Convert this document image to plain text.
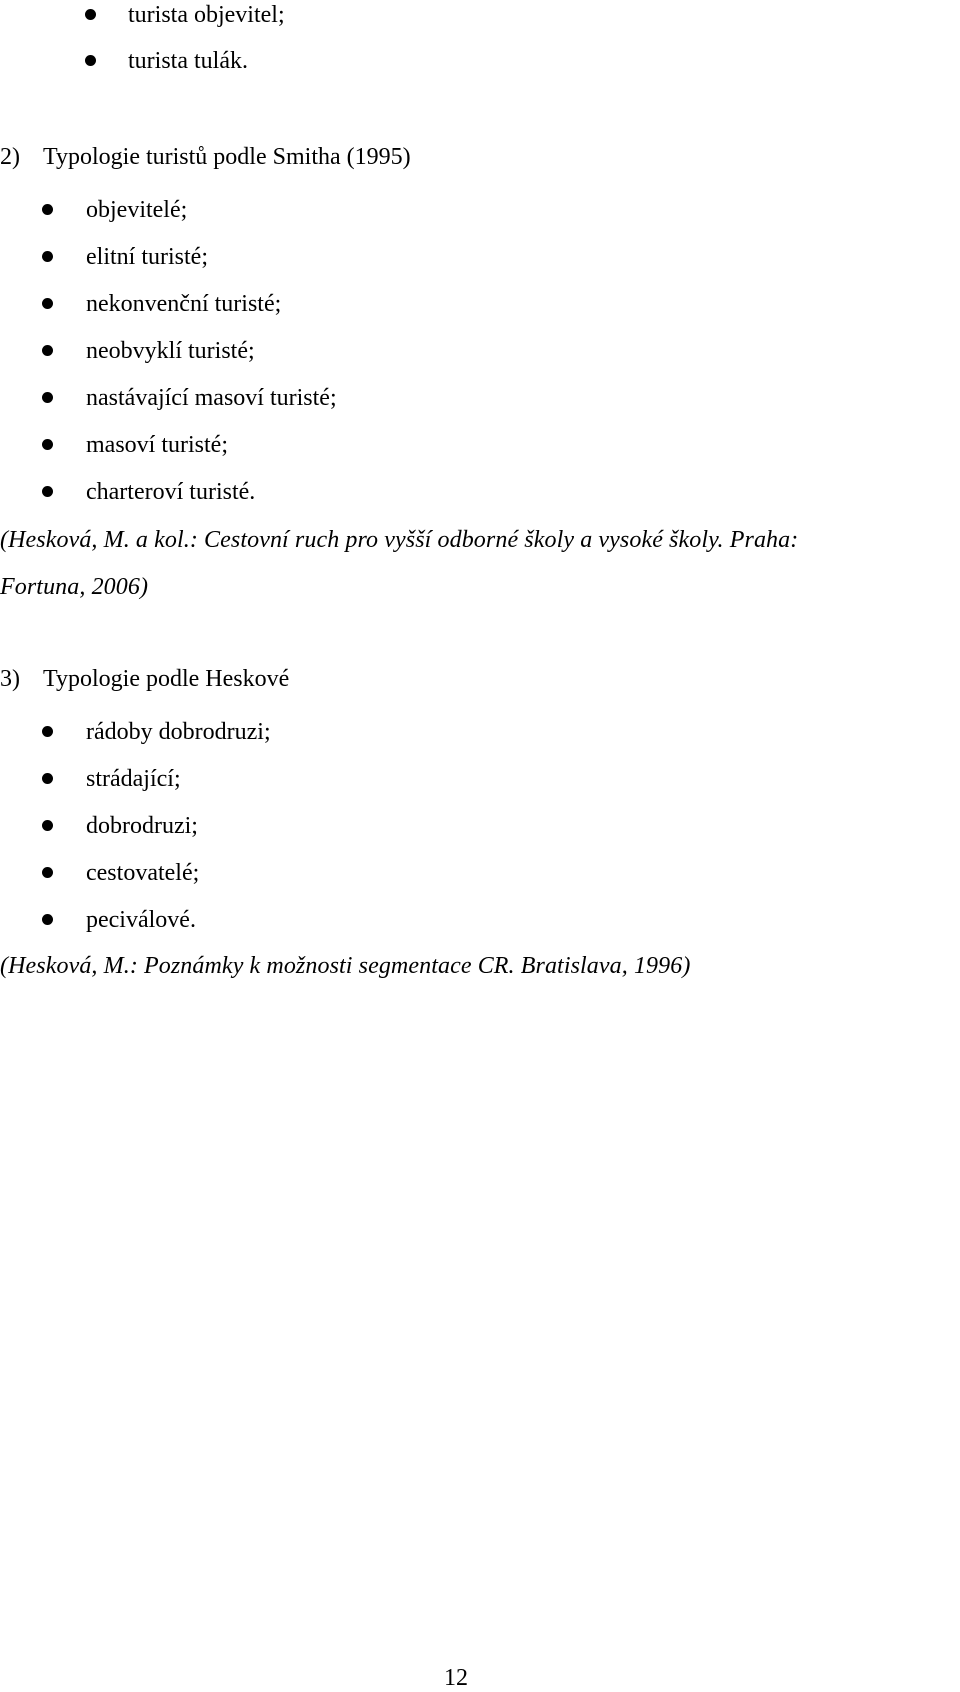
turista objevitel;
turista tulák.
2) Typologie turistů podle Smitha (1995)
objevitelé;
elitní turisté;
nekonvenční turisté;
neobvyklí turisté;
nastávající masoví turisté;
masoví turisté;
charteroví turisté.
(Hesková, M. a kol.: Cestovní ruch pro vyšší odborné školy a vysoké školy. Praha:
Fortuna, 2006)
3) Typologie podle Heskové
rádoby dobrodruzi;
strádající;
dobrodruzi;
cestovatelé;
peciválové.
(Hesková, M.: Poznámky k možnosti segmentace CR. Bratislava, 1996)
12
